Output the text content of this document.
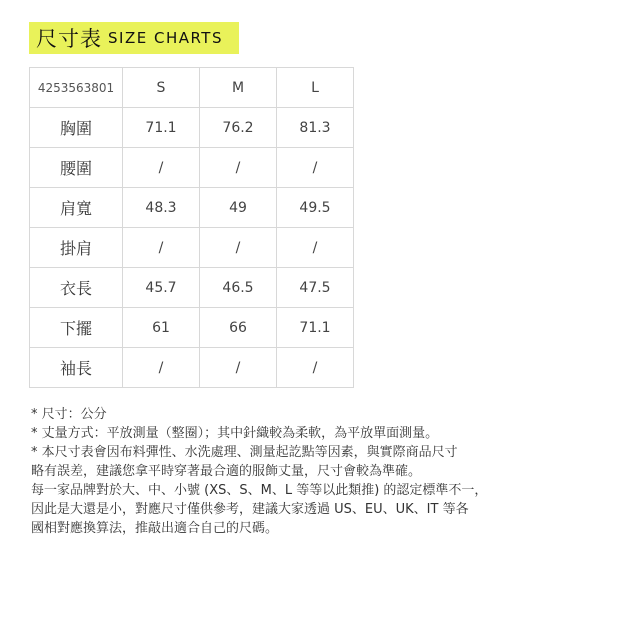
尺寸表 SIZE CHARTS
4253563801	S	M	L
胸圍	71.1	76.2	81.3
腰圍	/	/	/
肩寬	48.3	49	49.5
掛肩	/	/	/
衣長	45.7	46.5	47.5
下擺	61	66	71.1
袖長	/	/	/
* 尺寸：公分
* 丈量方式：平放測量（整圈）；其中針織較為柔軟，為平放單面測量。
* 本尺寸表會因布料彈性、水洗處理、測量起訖點等因素，與實際商品尺寸
略有誤差，建議您拿平時穿著最合適的服飾丈量，尺寸會較為準確。
每一家品牌對於大、中、小號 (XS、S、M、L 等等以此類推) 的認定標準不一，
因此是大還是小，對應尺寸僅供參考，建議大家透過 US、EU、UK、IT 等各
國相對應換算法，推敲出適合自己的尺碼。
